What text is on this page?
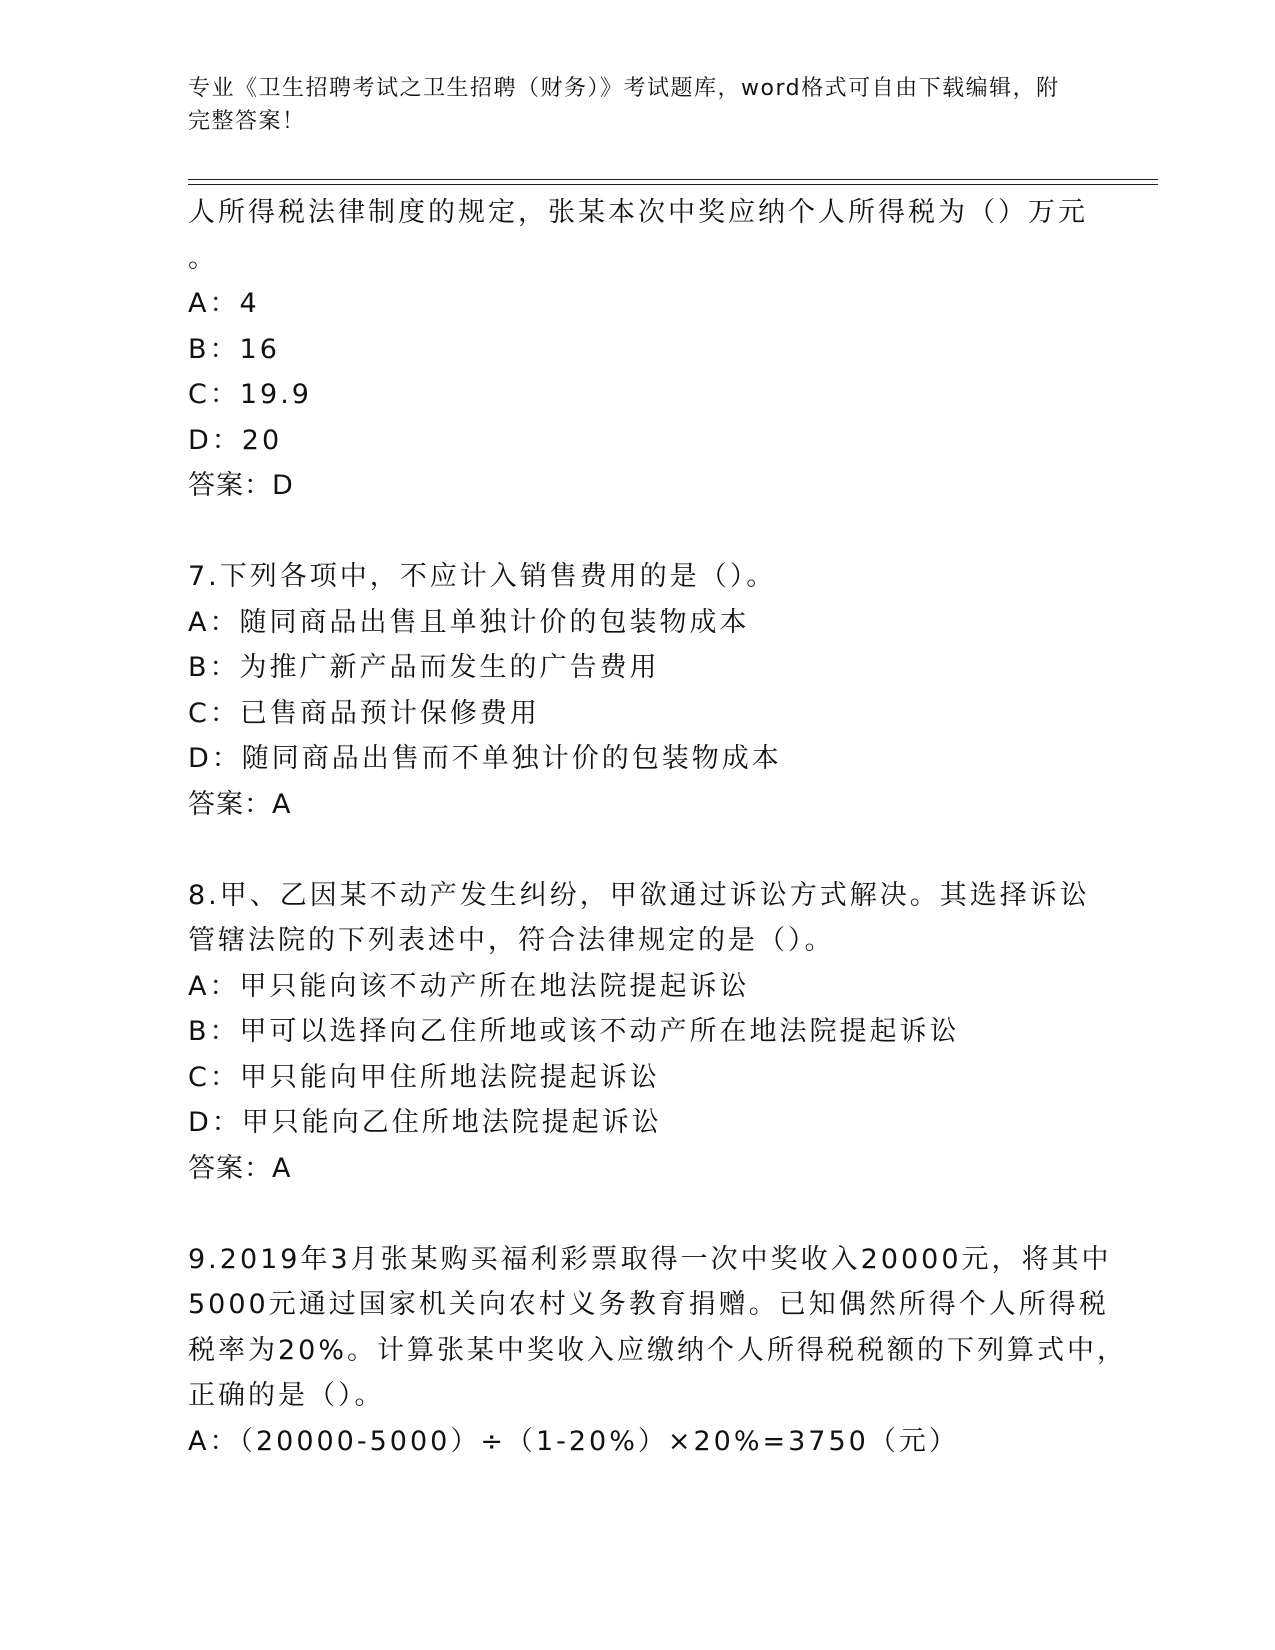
专业《卫生招聘考试之卫生招聘（财务）》考试题库，word格式可自由下载编辑，附完整答案！
人所得税法律制度的规定，张某本次中奖应纳个人所得税为（）万元
。
A：4
B：16
C：19.9
D：20
答案：D
7.下列各项中，不应计入销售费用的是（）。
A：随同商品出售且单独计价的包装物成本
B：为推广新产品而发生的广告费用
C：已售商品预计保修费用
D：随同商品出售而不单独计价的包装物成本
答案：A
8.甲、乙因某不动产发生纠纷，甲欲通过诉讼方式解决。其选择诉讼
管辖法院的下列表述中，符合法律规定的是（）。
A：甲只能向该不动产所在地法院提起诉讼
B：甲可以选择向乙住所地或该不动产所在地法院提起诉讼
C：甲只能向甲住所地法院提起诉讼
D：甲只能向乙住所地法院提起诉讼
答案：A
9.2019年3月张某购买福利彩票取得一次中奖收入20000元，将其中
5000元通过国家机关向农村义务教育捐赠。已知偶然所得个人所得税
税率为20%。计算张某中奖收入应缴纳个人所得税税额的下列算式中，
正确的是（）。
A：（20000-5000）÷（1-20%）×20%=3750（元）
